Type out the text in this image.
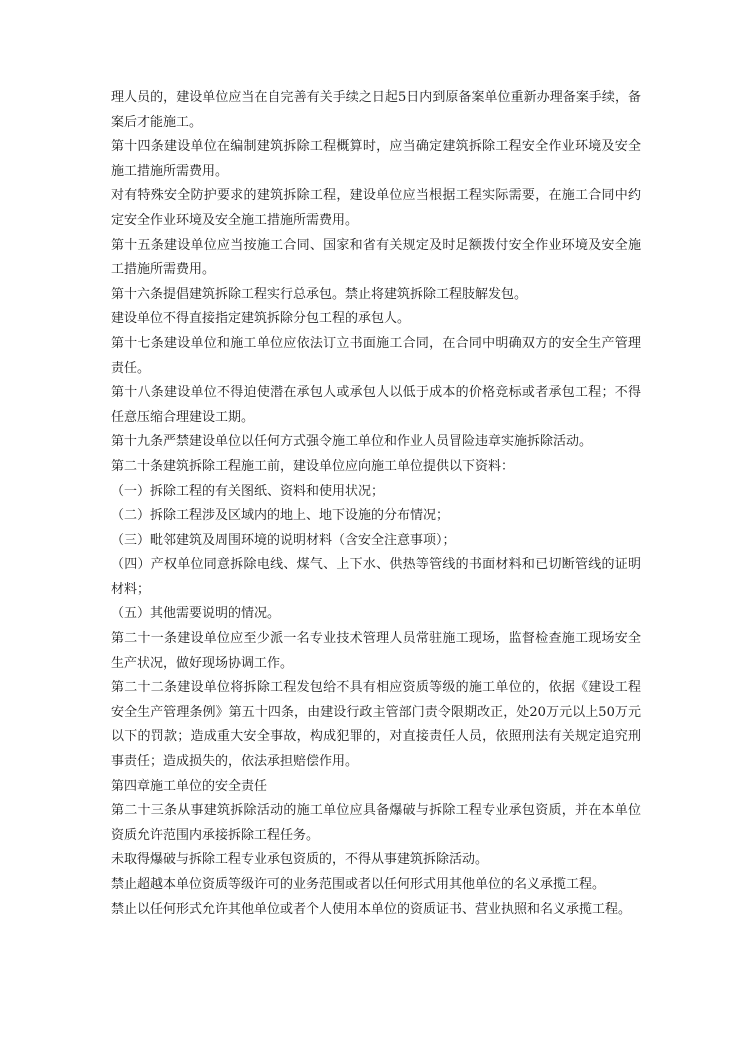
理人员的，建设单位应当在自完善有关手续之日起5日内到原备案单位重新办理备案手续，备案后才能施工。

第十四条建设单位在编制建筑拆除工程概算时，应当确定建筑拆除工程安全作业环境及安全施工措施所需费用。

对有特殊安全防护要求的建筑拆除工程，建设单位应当根据工程实际需要，在施工合同中约定安全作业环境及安全施工措施所需费用。

第十五条建设单位应当按施工合同、国家和省有关规定及时足额拨付安全作业环境及安全施工措施所需费用。

第十六条提倡建筑拆除工程实行总承包。禁止将建筑拆除工程肢解发包。

建设单位不得直接指定建筑拆除分包工程的承包人。

第十七条建设单位和施工单位应依法订立书面施工合同，在合同中明确双方的安全生产管理责任。

第十八条建设单位不得迫使潜在承包人或承包人以低于成本的价格竞标或者承包工程；不得任意压缩合理建设工期。

第十九条严禁建设单位以任何方式强令施工单位和作业人员冒险违章实施拆除活动。

第二十条建筑拆除工程施工前，建设单位应向施工单位提供以下资料：

（一）拆除工程的有关图纸、资料和使用状况；

（二）拆除工程涉及区域内的地上、地下设施的分布情况；

（三）毗邻建筑及周围环境的说明材料（含安全注意事项）；

（四）产权单位同意拆除电线、煤气、上下水、供热等管线的书面材料和已切断管线的证明材料；

（五）其他需要说明的情况。

第二十一条建设单位应至少派一名专业技术管理人员常驻施工现场，监督检查施工现场安全生产状况，做好现场协调工作。

第二十二条建设单位将拆除工程发包给不具有相应资质等级的施工单位的，依据《建设工程安全生产管理条例》第五十四条，由建设行政主管部门责令限期改正，处20万元以上50万元以下的罚款；造成重大安全事故，构成犯罪的，对直接责任人员，依照刑法有关规定追究刑事责任；造成损失的，依法承担赔偿作用。

第四章施工单位的安全责任

第二十三条从事建筑拆除活动的施工单位应具备爆破与拆除工程专业承包资质，并在本单位资质允许范围内承接拆除工程任务。

未取得爆破与拆除工程专业承包资质的，不得从事建筑拆除活动。

禁止超越本单位资质等级许可的业务范围或者以任何形式用其他单位的名义承揽工程。

禁止以任何形式允许其他单位或者个人使用本单位的资质证书、营业执照和名义承揽工程。
